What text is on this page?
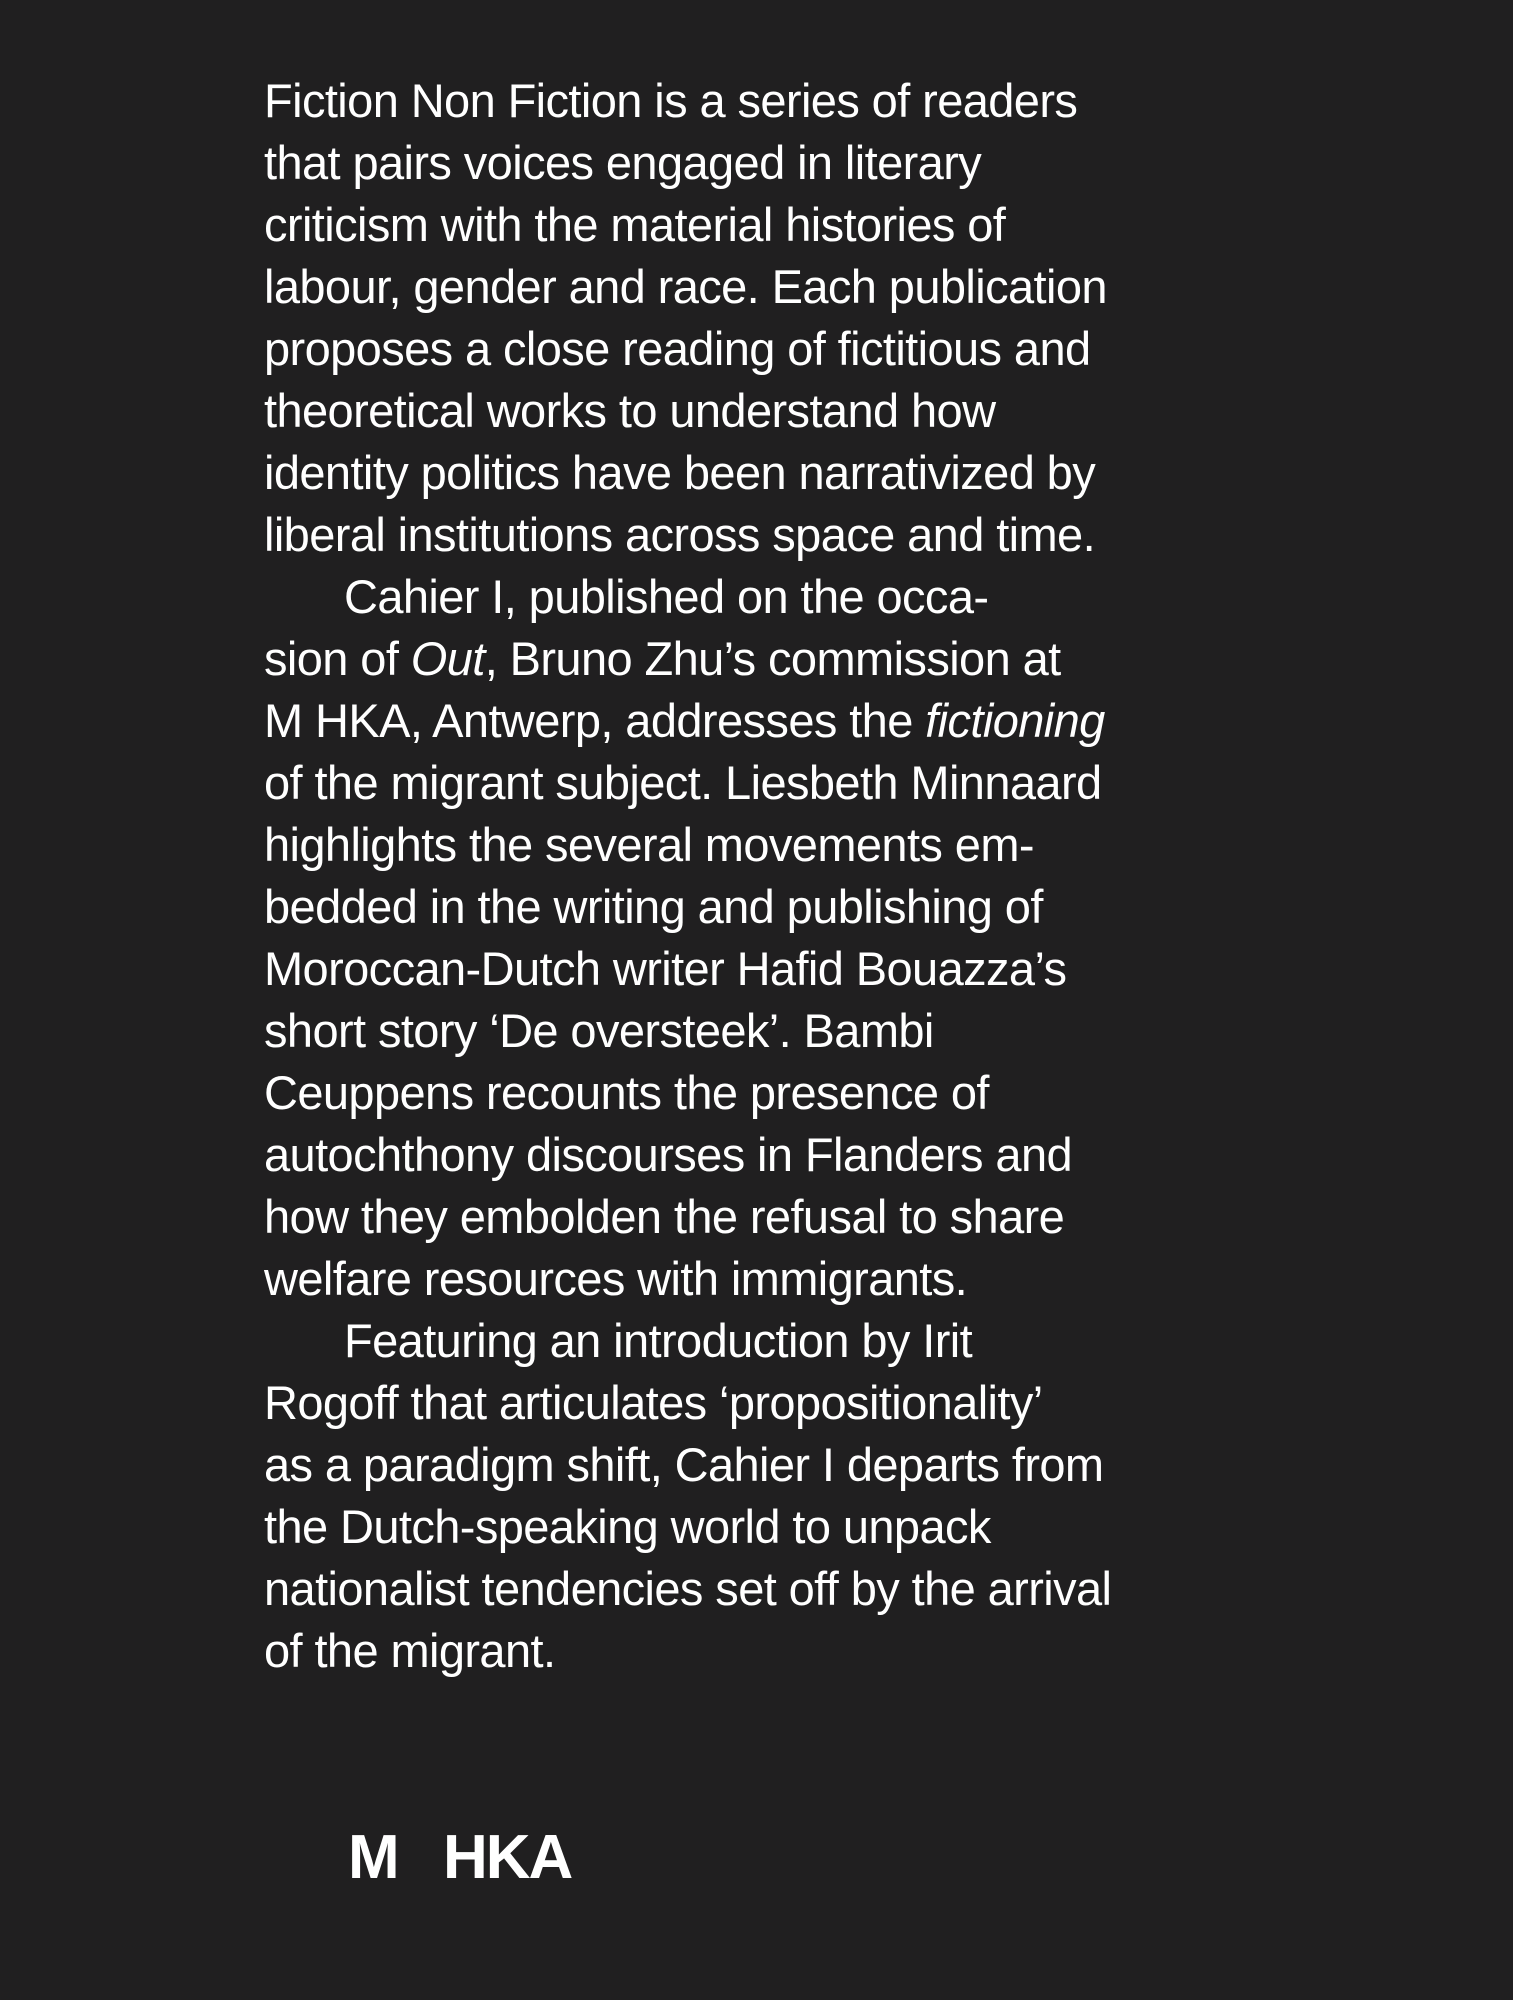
Fiction Non Fiction is a series of readers
that pairs voices engaged in literary
criticism with the material histories of
labour, gender and race. Each publication
proposes a close reading of fictitious and
theoretical works to understand how
identity politics have been narrativized by
liberal institutions across space and time.
Cahier I, published on the occa-
sion of Out, Bruno Zhu’s commission at
M HKA, Antwerp, addresses the fictioning
of the migrant subject. Liesbeth Minnaard
highlights the several movements em-
bedded in the writing and publishing of
Moroccan-Dutch writer Hafid Bouazza’s
short story ‘De oversteek’. Bambi
Ceuppens recounts the presence of
autochthony discourses in Flanders and
how they embolden the refusal to share
welfare resources with immigrants.
Featuring an introduction by Irit
Rogoff that articulates ‘propositionality’
as a paradigm shift, Cahier I departs from
the Dutch-speaking world to unpack
nationalist tendencies set off by the arrival
of the migrant.
M HKA
